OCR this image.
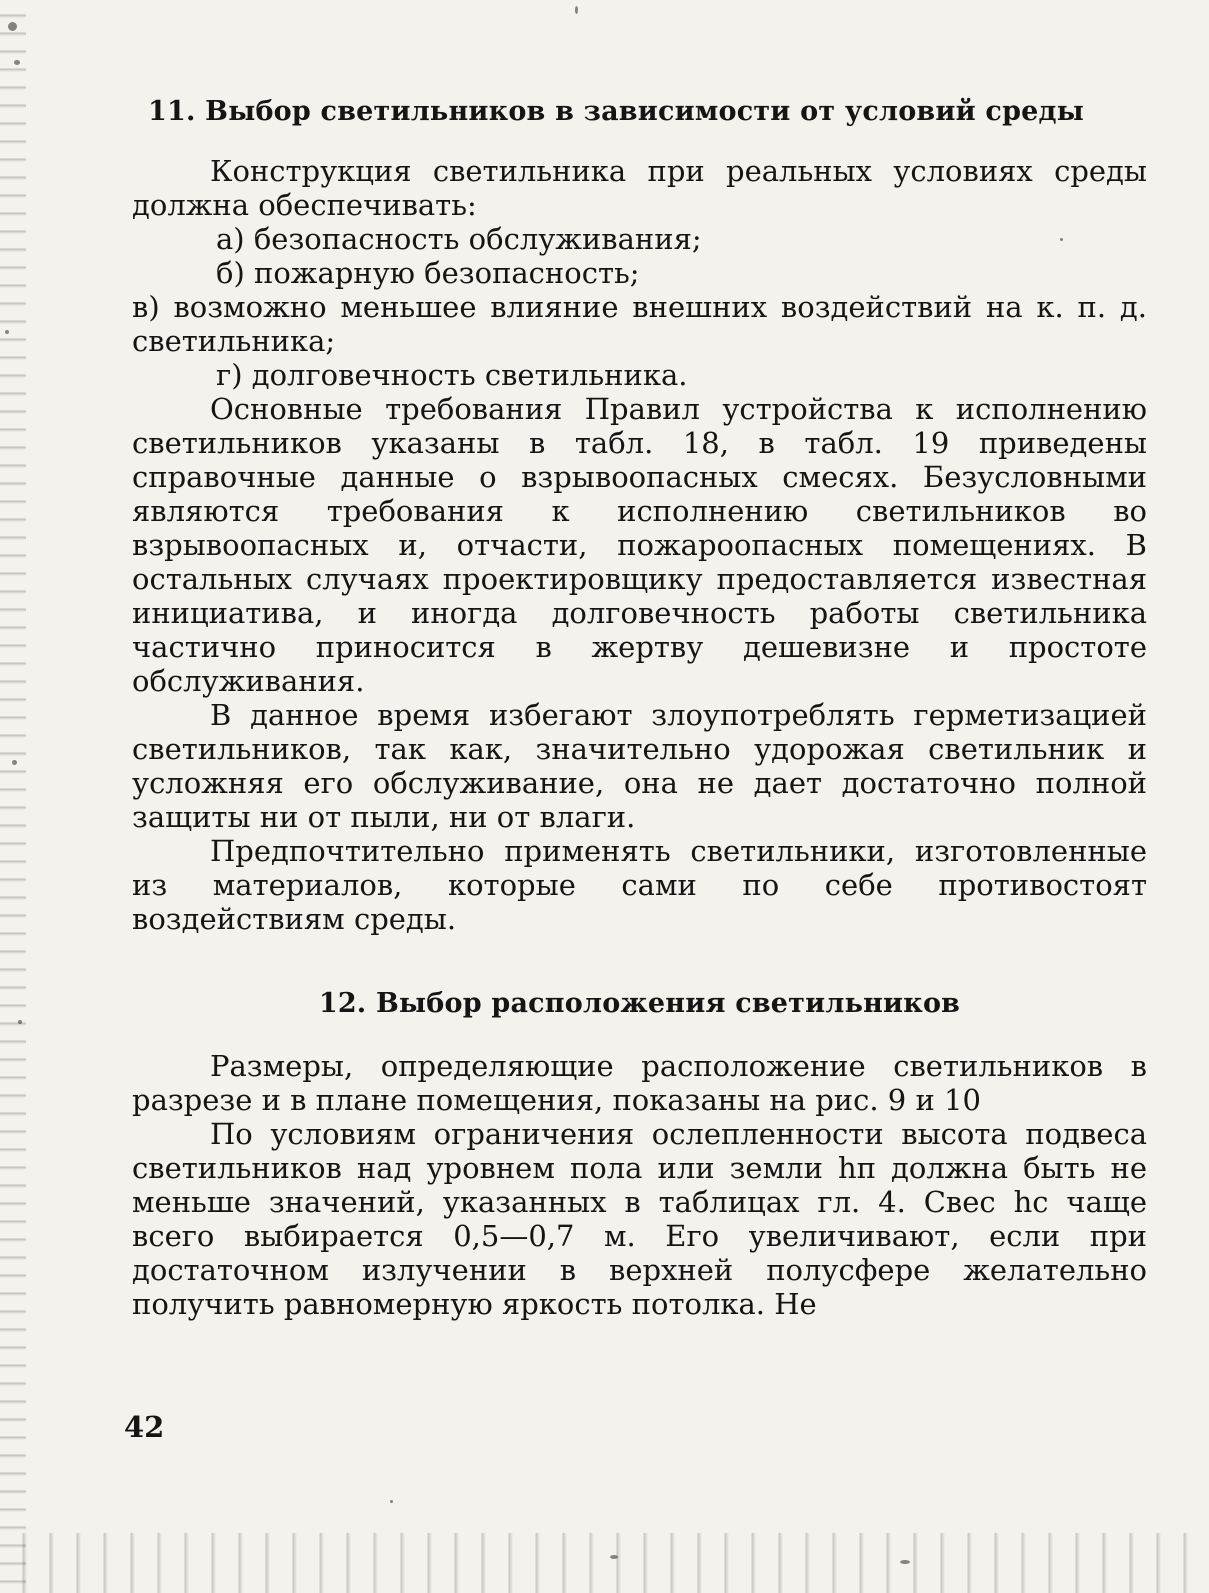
11. Выбор светильников в зависимости от условий среды

Конструкция светильника при реальных условиях среды должна обеспечивать:

а) безопасность обслуживания;

б) пожарную безопасность;

в) возможно меньшее влияние внешних воздействий на к. п. д. светильника;

г) долговечность светильника.

Основные требования Правил устройства к исполнению светильников указаны в табл. 18, в табл. 19 приведены справочные данные о взрывоопасных смесях. Безусловными являются требования к исполнению светильников во взрывоопасных и, отчасти, пожароопасных помещениях. В остальных случаях проектировщику предоставляется известная инициатива, и иногда долговечность работы светильника частично приносится в жертву дешевизне и простоте обслуживания.

В данное время избегают злоупотреблять герметизацией светильников, так как, значительно удорожая светильник и усложняя его обслуживание, она не дает достаточно полной защиты ни от пыли, ни от влаги.

Предпочтительно применять светильники, изготовленные из материалов, которые сами по себе противостоят воздействиям среды.

12. Выбор расположения светильников

Размеры, определяющие расположение светильников в разрезе и в плане помещения, показаны на рис. 9 и 10

По условиям ограничения ослепленности высота подвеса светильников над уровнем пола или земли hп должна быть не меньше значений, указанных в таблицах гл. 4. Свес hс чаще всего выбирается 0,5—0,7 м. Его увеличивают, если при достаточном излучении в верхней полусфере желательно получить равномерную яркость потолка. Не

42
